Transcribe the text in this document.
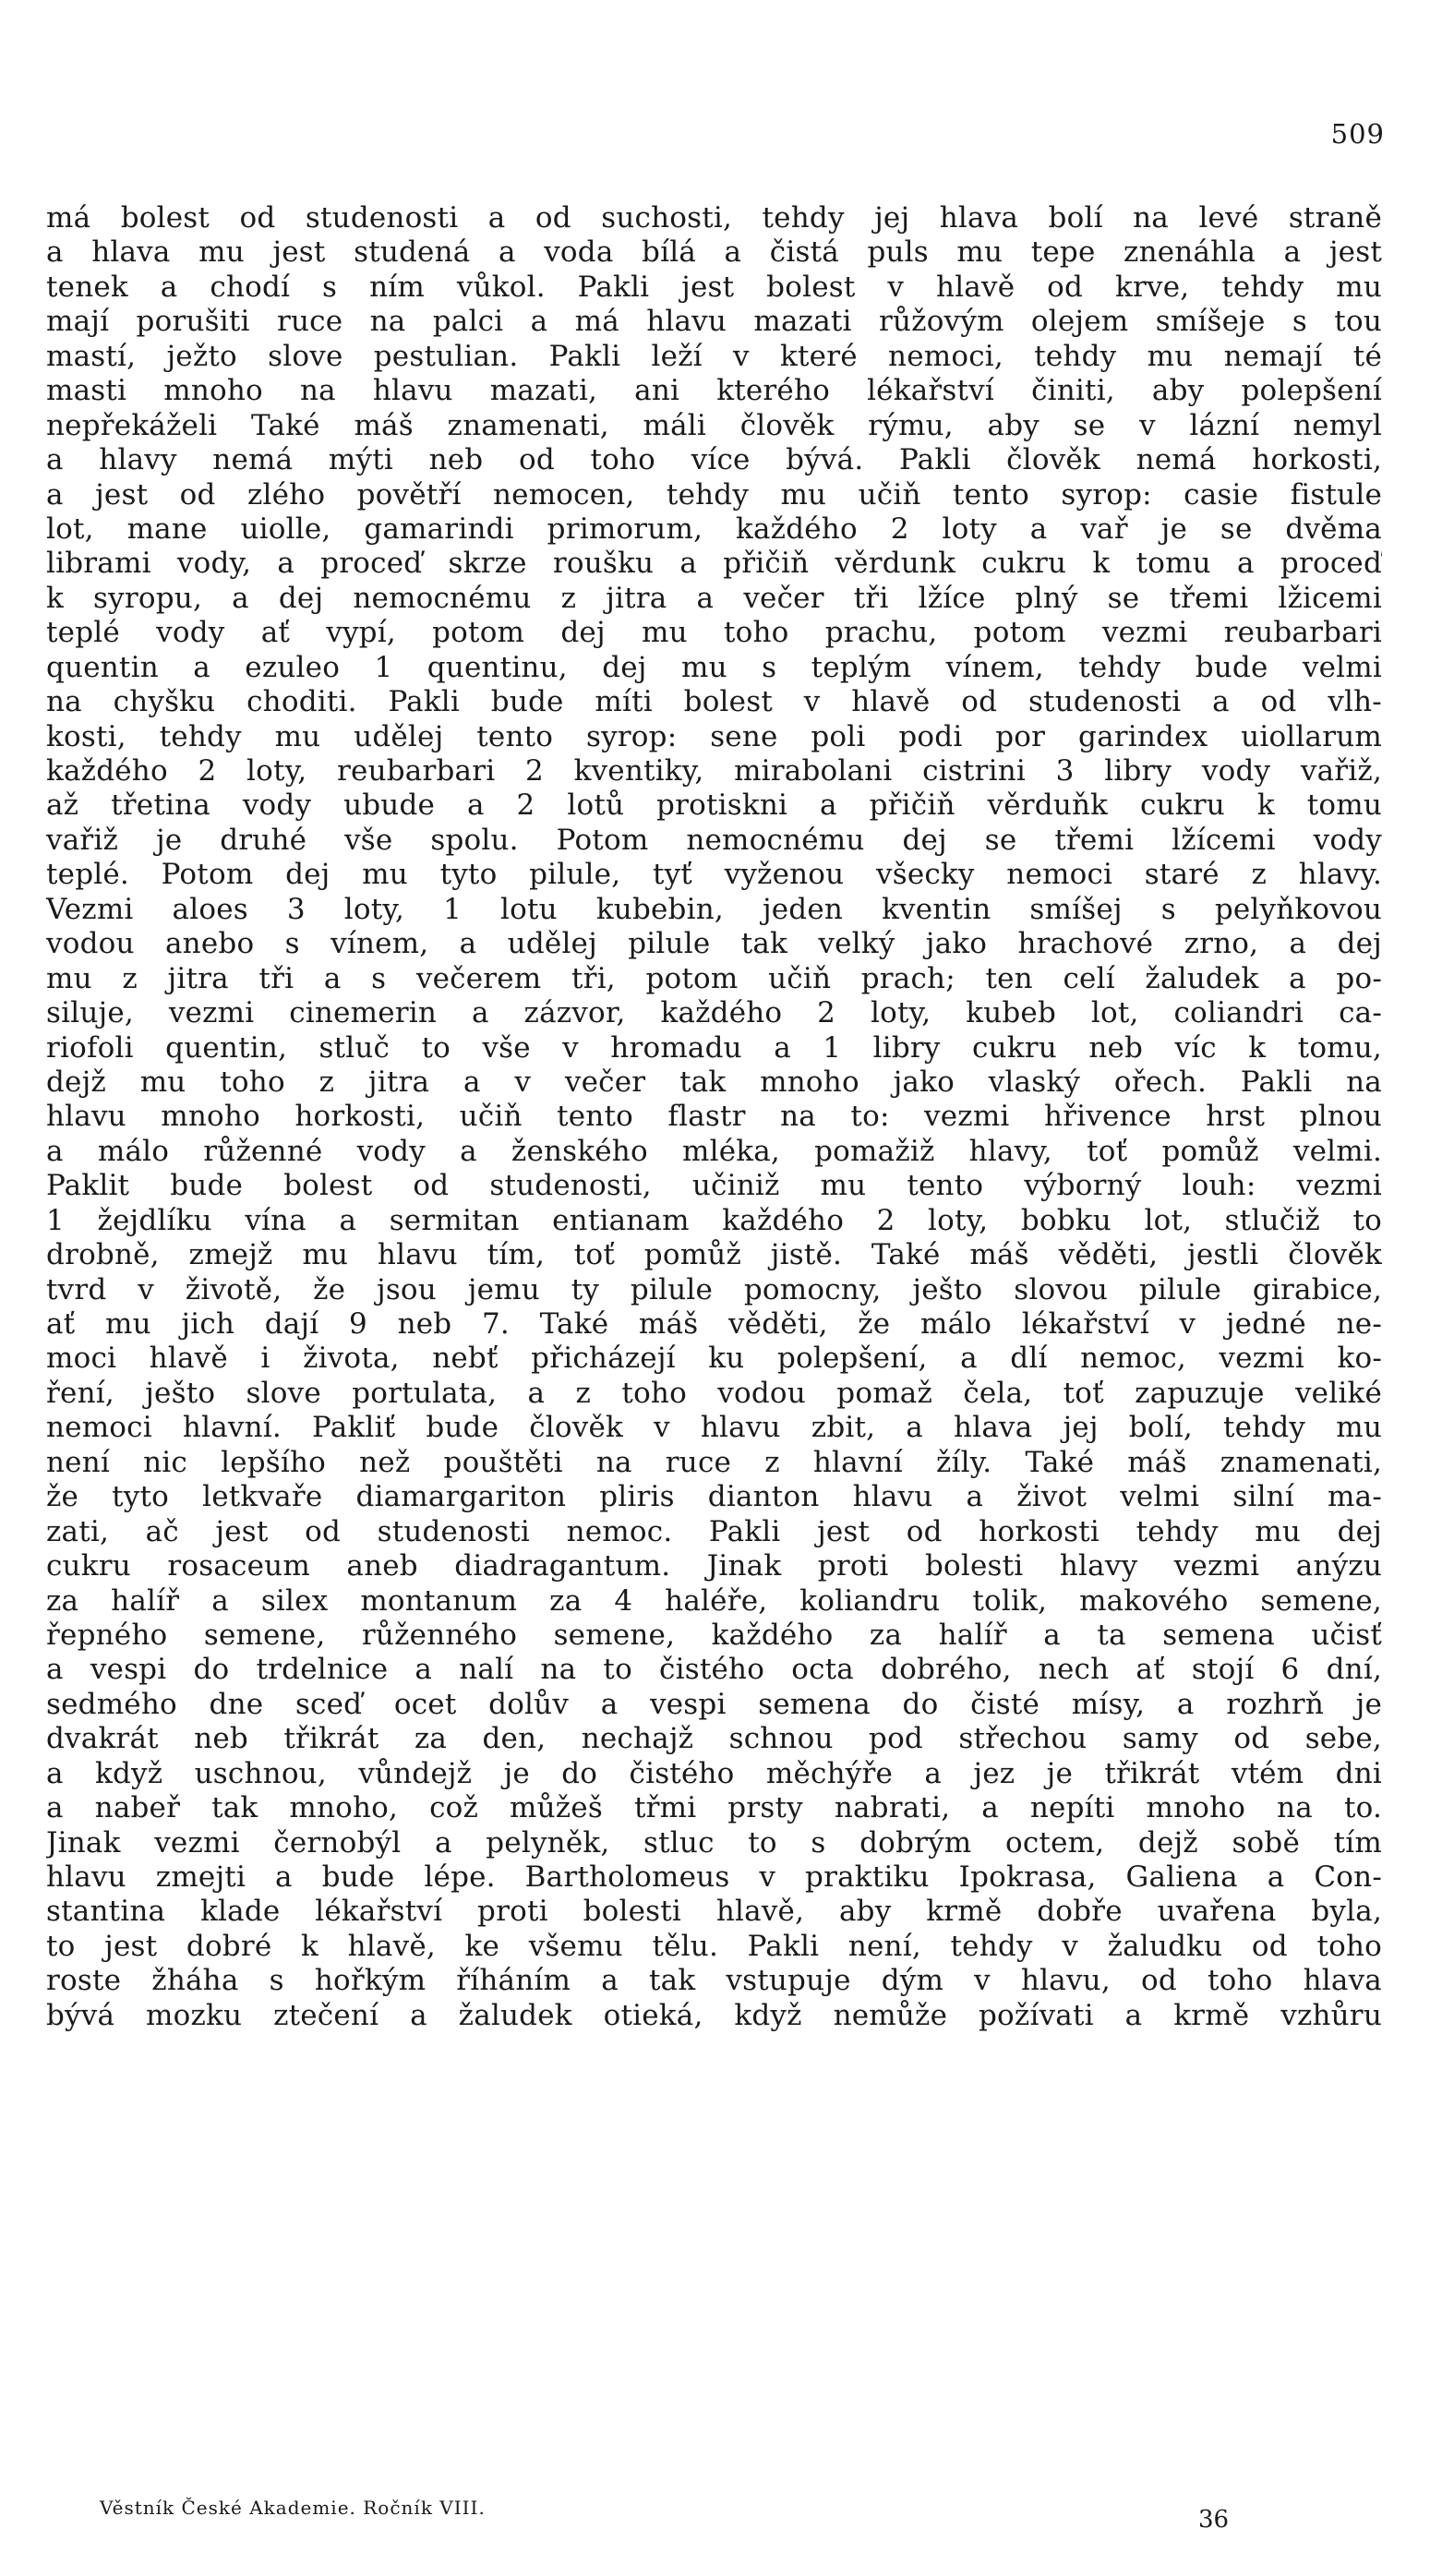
509
má bolest od studenosti a od suchosti, tehdy jej hlava bolí na levé straně
a hlava mu jest studená a voda bílá a čistá puls mu tepe znenáhla a jest
tenek a chodí s ním vůkol. Pakli jest bolest v hlavě od krve, tehdy mu
mají porušiti ruce na palci a má hlavu mazati růžovým olejem smíšeje s tou
mastí, ježto slove pestulian. Pakli leží v které nemoci, tehdy mu nemají té
masti mnoho na hlavu mazati, ani kterého lékařství činiti, aby polepšení
nepřekáželi Také máš znamenati, máli člověk rýmu, aby se v lázní nemyl
a hlavy nemá mýti neb od toho více bývá. Pakli člověk nemá horkosti,
a jest od zlého povětří nemocen, tehdy mu učiň tento syrop: casie fistule
lot, mane uiolle, gamarindi primorum, každého 2 loty a vař je se dvěma
librami vody, a proceď skrze roušku a přičiň věrdunk cukru k tomu a proceď
k syropu, a dej nemocnému z jitra a večer tři lžíce plný se třemi lžicemi
teplé vody ať vypí, potom dej mu toho prachu, potom vezmi reubarbari
quentin a ezuleo 1 quentinu, dej mu s teplým vínem, tehdy bude velmi
na chyšku choditi. Pakli bude míti bolest v hlavě od studenosti a od vlh-
kosti, tehdy mu udělej tento syrop: sene poli podi por garindex uiollarum
každého 2 loty, reubarbari 2 kventiky, mirabolani cistrini 3 libry vody vařiž,
až třetina vody ubude a 2 lotů protiskni a přičiň věrduňk cukru k tomu
vařiž je druhé vše spolu. Potom nemocnému dej se třemi lžícemi vody
teplé. Potom dej mu tyto pilule, tyť vyženou všecky nemoci staré z hlavy.
Vezmi aloes 3 loty, 1 lotu kubebin, jeden kventin smíšej s pelyňkovou
vodou anebo s vínem, a udělej pilule tak velký jako hrachové zrno, a dej
mu z jitra tři a s večerem tři, potom učiň prach; ten celí žaludek a po-
siluje, vezmi cinemerin a zázvor, každého 2 loty, kubeb lot, coliandri ca-
riofoli quentin, stluč to vše v hromadu a 1 libry cukru neb víc k tomu,
dejž mu toho z jitra a v večer tak mnoho jako vlaský ořech. Pakli na
hlavu mnoho horkosti, učiň tento flastr na to: vezmi hřivence hrst plnou
a málo růženné vody a ženského mléka, pomažiž hlavy, toť pomůž velmi.
Paklit bude bolest od studenosti, učiniž mu tento výborný louh: vezmi
1 žejdlíku vína a sermitan entianam každého 2 loty, bobku lot, stlučiž to
drobně, zmejž mu hlavu tím, toť pomůž jistě. Také máš věděti, jestli člověk
tvrd v životě, že jsou jemu ty pilule pomocny, ješto slovou pilule girabice,
ať mu jich dají 9 neb 7. Také máš věděti, že málo lékařství v jedné ne-
moci hlavě i života, nebť přicházejí ku polepšení, a dlí nemoc, vezmi ko-
ření, ješto slove portulata, a z toho vodou pomaž čela, toť zapuzuje veliké
nemoci hlavní. Pakliť bude člověk v hlavu zbit, a hlava jej bolí, tehdy mu
není nic lepšího než pouštěti na ruce z hlavní žíly. Také máš znamenati,
že tyto letkvaře diamargariton pliris dianton hlavu a život velmi silní ma-
zati, ač jest od studenosti nemoc. Pakli jest od horkosti tehdy mu dej
cukru rosaceum aneb diadragantum. Jinak proti bolesti hlavy vezmi anýzu
za halíř a silex montanum za 4 haléře, koliandru tolik, makového semene,
řepného semene, růženného semene, každého za halíř a ta semena učisť
a vespi do trdelnice a nalí na to čistého octa dobrého, nech ať stojí 6 dní,
sedmého dne sceď ocet dolův a vespi semena do čisté mísy, a rozhrň je
dvakrát neb třikrát za den, nechajž schnou pod střechou samy od sebe,
a když uschnou, vůndejž je do čistého měchýře a jez je třikrát vtém dni
a nabeř tak mnoho, což můžeš třmi prsty nabrati, a nepíti mnoho na to.
Jinak vezmi černobýl a pelyněk, stluc to s dobrým octem, dejž sobě tím
hlavu zmejti a bude lépe. Bartholomeus v praktiku Ipokrasa, Galiena a Con-
stantina klade lékařství proti bolesti hlavě, aby krmě dobře uvařena byla,
to jest dobré k hlavě, ke všemu tělu. Pakli není, tehdy v žaludku od toho
roste žháha s hořkým říháním a tak vstupuje dým v hlavu, od toho hlava
bývá mozku ztečení a žaludek otieká, když nemůže požívati a krmě vzhůru
Věstník České Akademie. Ročník VIII.	36
